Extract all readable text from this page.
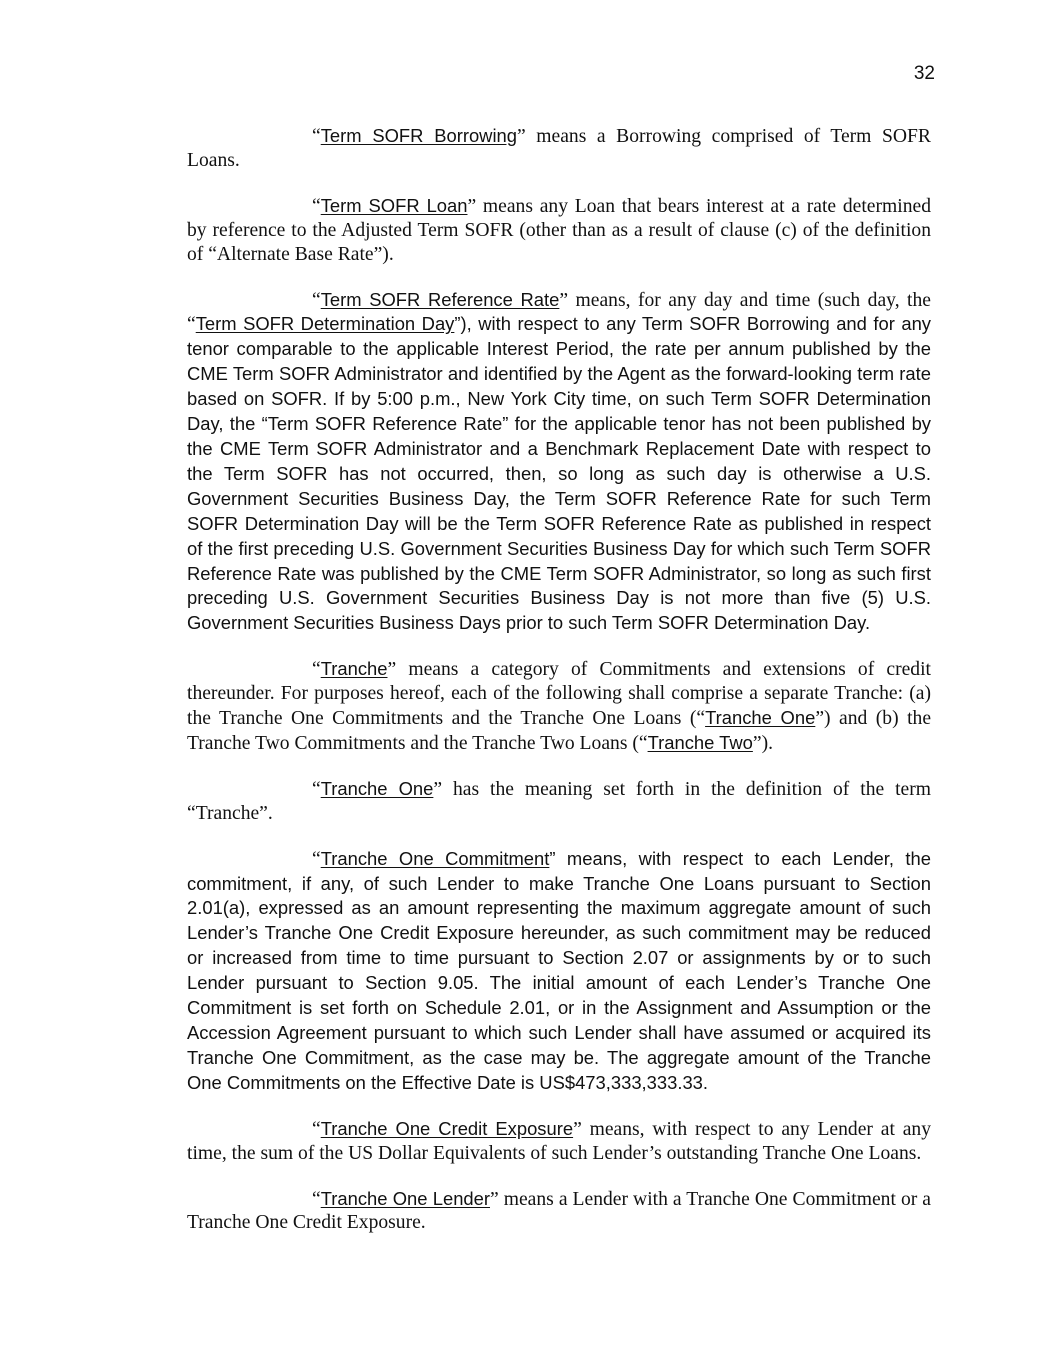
32

“Term SOFR Borrowing” means a Borrowing comprised of Term SOFR Loans.

“Term SOFR Loan” means any Loan that bears interest at a rate determined by reference to the Adjusted Term SOFR (other than as a result of clause (c) of the definition of “Alternate Base Rate”).

“Term SOFR Reference Rate” means, for any day and time (such day, the “Term SOFR Determination Day”), with respect to any Term SOFR Borrowing and for any tenor comparable to the applicable Interest Period, the rate per annum published by the CME Term SOFR Administrator and identified by the Agent as the forward-looking term rate based on SOFR. If by 5:00 p.m., New York City time, on such Term SOFR Determination Day, the “Term SOFR Reference Rate” for the applicable tenor has not been published by the CME Term SOFR Administrator and a Benchmark Replacement Date with respect to the Term SOFR has not occurred, then, so long as such day is otherwise a U.S. Government Securities Business Day, the Term SOFR Reference Rate for such Term SOFR Determination Day will be the Term SOFR Reference Rate as published in respect of the first preceding U.S. Government Securities Business Day for which such Term SOFR Reference Rate was published by the CME Term SOFR Administrator, so long as such first preceding U.S. Government Securities Business Day is not more than five (5) U.S. Government Securities Business Days prior to such Term SOFR Determination Day.

“Tranche” means a category of Commitments and extensions of credit thereunder. For purposes hereof, each of the following shall comprise a separate Tranche: (a) the Tranche One Commitments and the Tranche One Loans (“Tranche One”) and (b) the Tranche Two Commitments and the Tranche Two Loans (“Tranche Two”).

“Tranche One” has the meaning set forth in the definition of the term “Tranche”.

“Tranche One Commitment” means, with respect to each Lender, the commitment, if any, of such Lender to make Tranche One Loans pursuant to Section 2.01(a), expressed as an amount representing the maximum aggregate amount of such Lender’s Tranche One Credit Exposure hereunder, as such commitment may be reduced or increased from time to time pursuant to Section 2.07 or assignments by or to such Lender pursuant to Section 9.05. The initial amount of each Lender’s Tranche One Commitment is set forth on Schedule 2.01, or in the Assignment and Assumption or the Accession Agreement pursuant to which such Lender shall have assumed or acquired its Tranche One Commitment, as the case may be. The aggregate amount of the Tranche One Commitments on the Effective Date is US$473,333,333.33.

“Tranche One Credit Exposure” means, with respect to any Lender at any time, the sum of the US Dollar Equivalents of such Lender’s outstanding Tranche One Loans.

“Tranche One Lender” means a Lender with a Tranche One Commitment or a Tranche One Credit Exposure.
